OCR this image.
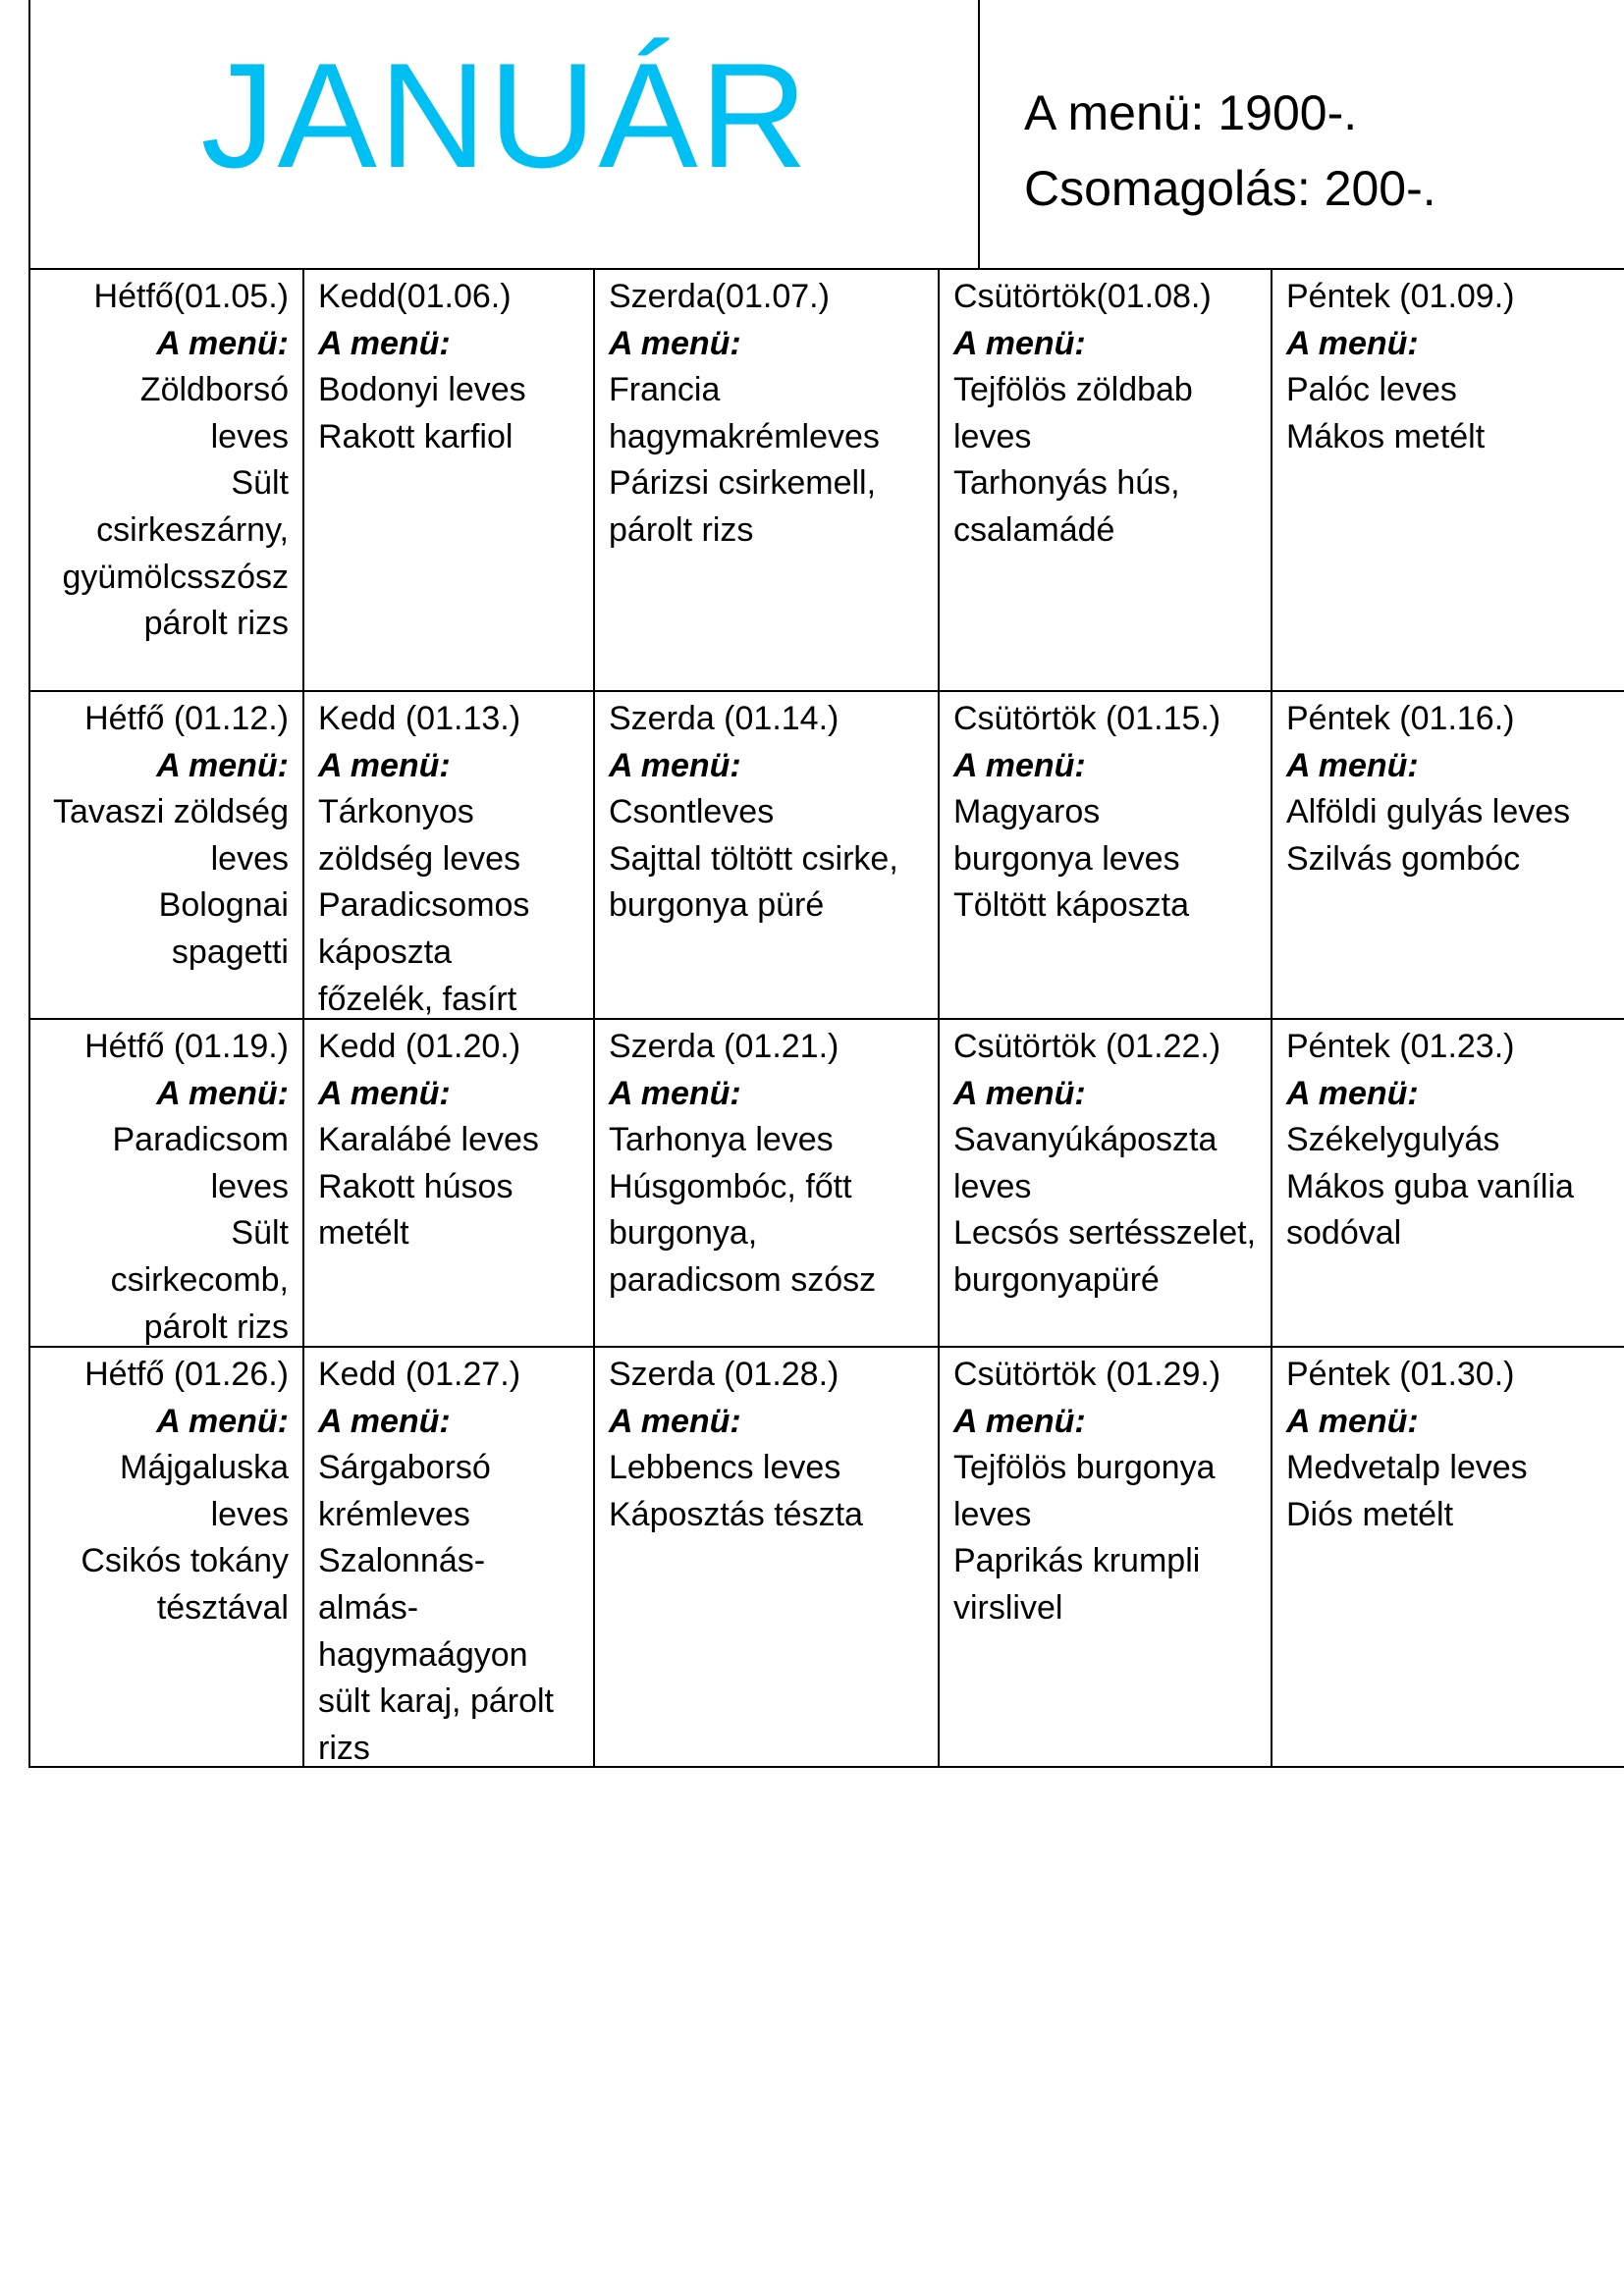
JANUÁR	A menü: 1900-.
Csomagolás: 200-.
Hétfő(01.05.)
A menü:
Zöldborsó
leves
Sült
csirkeszárny,
gyümölcsszósz
párolt rizs
Kedd(01.06.)
A menü:
Bodonyi leves
Rakott karfiol
Szerda(01.07.)
A menü:
Francia
hagymakrémleves
Párizsi csirkemell,
párolt rizs
Csütörtök(01.08.)
A menü:
Tejfölös zöldbab
leves
Tarhonyás hús,
csalamádé
Péntek (01.09.)
A menü:
Palóc leves
Mákos metélt
Hétfő (01.12.)
A menü:
Tavaszi zöldség
leves
Bolognai
spagetti
Kedd (01.13.)
A menü:
Tárkonyos
zöldség leves
Paradicsomos
káposzta
főzelék, fasírt
Szerda (01.14.)
A menü:
Csontleves
Sajttal töltött csirke,
burgonya püré
Csütörtök (01.15.)
A menü:
Magyaros
burgonya leves
Töltött káposzta
Péntek (01.16.)
A menü:
Alföldi gulyás leves
Szilvás gombóc
Hétfő (01.19.)
A menü:
Paradicsom
leves
Sült
csirkecomb,
párolt rizs
Kedd (01.20.)
A menü:
Karalábé leves
Rakott húsos
metélt
Szerda (01.21.)
A menü:
Tarhonya leves
Húsgombóc, főtt
burgonya,
paradicsom szósz
Csütörtök (01.22.)
A menü:
Savanyúkáposzta
leves
Lecsós sertésszelet,
burgonyapüré
Péntek (01.23.)
A menü:
Székelygulyás
Mákos guba vanília
sodóval
Hétfő (01.26.)
A menü:
Májgaluska
leves
Csikós tokány
tésztával
Kedd (01.27.)
A menü:
Sárgaborsó
krémleves
Szalonnás-
almás-
hagymaágyon
sült karaj, párolt
rizs
Szerda (01.28.)
A menü:
Lebbencs leves
Káposztás tészta
Csütörtök (01.29.)
A menü:
Tejfölös burgonya
leves
Paprikás krumpli
virslivel
Péntek (01.30.)
A menü:
Medvetalp leves
Diós metélt
